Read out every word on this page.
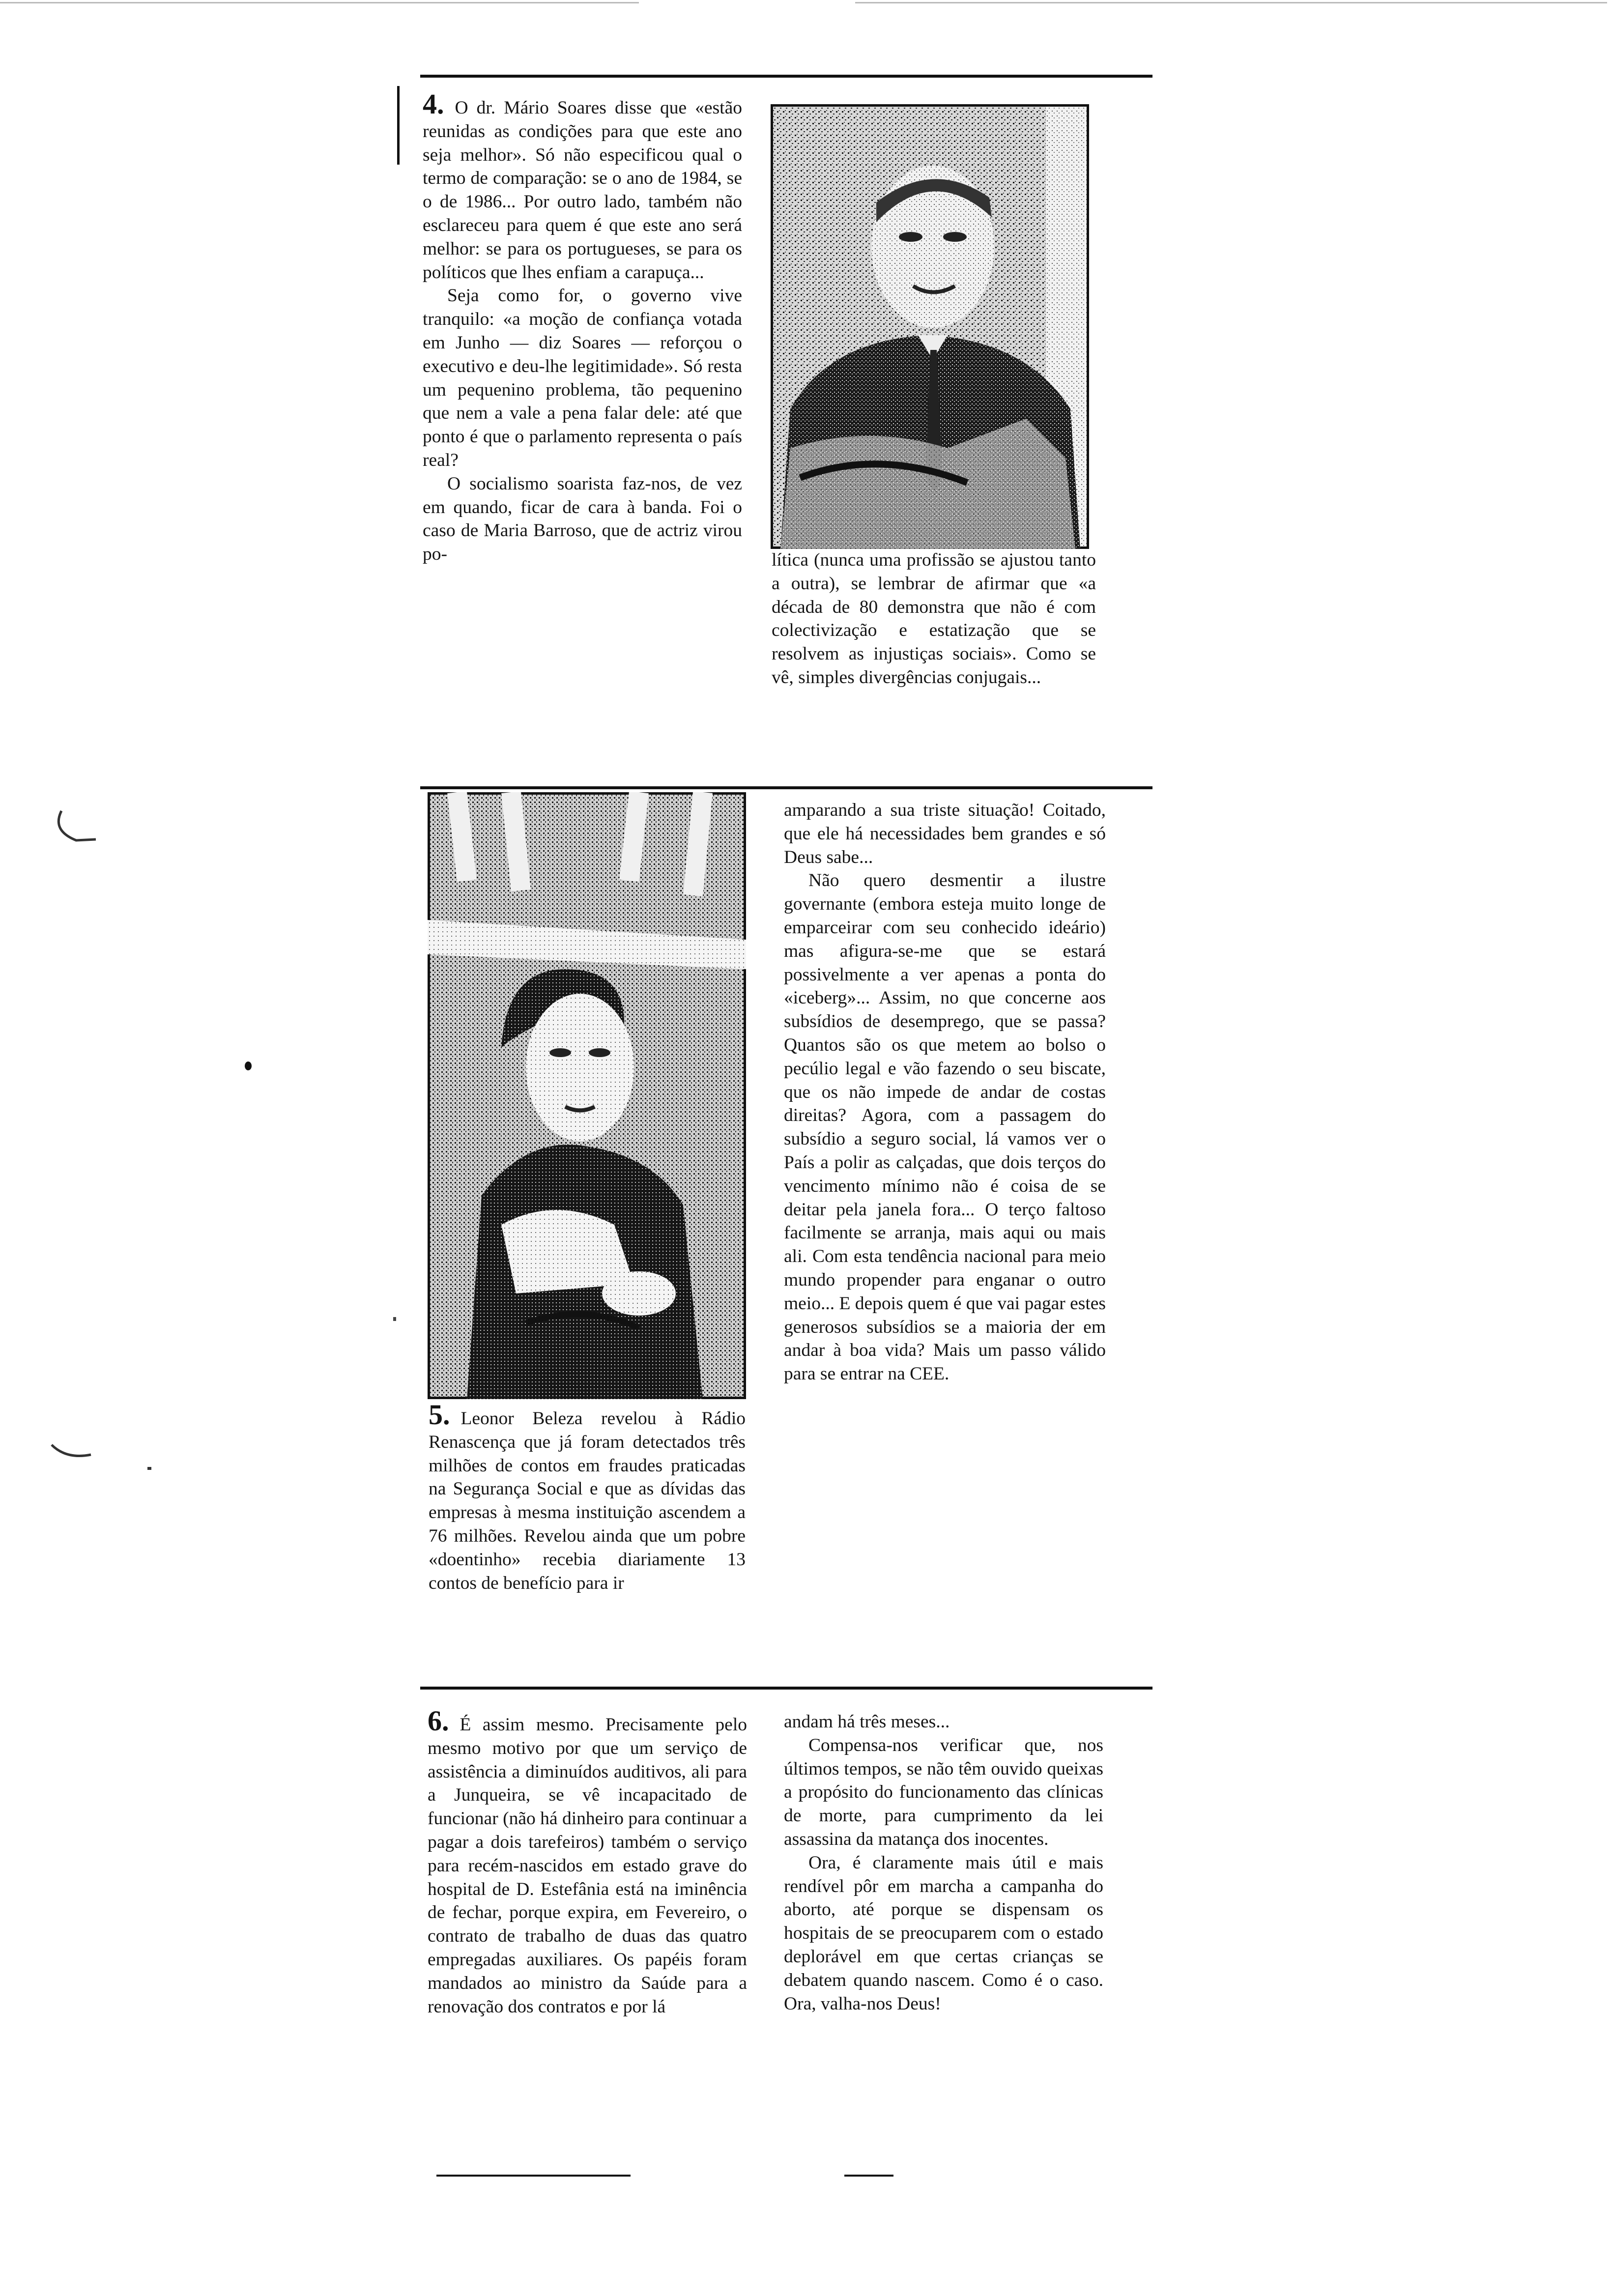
4. O dr. Mário Soares disse que «estão reunidas as condições para que este ano seja melhor». Só não especificou qual o termo de comparação: se o ano de 1984, se o de 1986... Por outro lado, também não esclareceu para quem é que este ano será melhor: se para os portugueses, se para os políticos que lhes enfiam a carapuça...

Seja como for, o governo vive tranquilo: «a moção de confiança votada em Junho — diz Soares — reforçou o executivo e deu-lhe legitimidade». Só resta um pequenino problema, tão pequenino que nem a vale a pena falar dele: até que ponto é que o parlamento representa o país real?

O socialismo soarista faz-nos, de vez em quando, ficar de cara à banda. Foi o caso de Maria Barroso, que de actriz virou po-	lítica (nunca uma profissão se ajustou tanto a outra), se lembrar de afirmar que «a década de 80 demonstra que não é com colectivização e estatização que se resolvem as injustiças sociais». Como se vê, simples divergências conjugais...

5. Leonor Beleza revelou à Rádio Renascença que já foram detectados três milhões de contos em fraudes praticadas na Segurança Social e que as dívidas das empresas à mesma instituição ascendem a 76 milhões. Revelou ainda que um pobre «doentinho» recebia diariamente 13 contos de benefício para ir

amparando a sua triste situação! Coitado, que ele há necessidades bem grandes e só Deus sabe...

Não quero desmentir a ilustre governante (embora esteja muito longe de emparceirar com seu conhecido ideário) mas afigura-se-me que se estará possivelmente a ver apenas a ponta do «iceberg»... Assim, no que concerne aos subsídios de desemprego, que se passa? Quantos são os que metem ao bolso o pecúlio legal e vão fazendo o seu biscate, que os não impede de andar de costas direitas? Agora, com a passagem do subsídio a seguro social, lá vamos ver o País a polir as calçadas, que dois terços do vencimento mínimo não é coisa de se deitar pela janela fora... O terço faltoso facilmente se arranja, mais aqui ou mais ali. Com esta tendência nacional para meio mundo propender para enganar o outro meio... E depois quem é que vai pagar estes generosos subsídios se a maioria der em andar à boa vida? Mais um passo válido para se entrar na CEE.

6. É assim mesmo. Precisamente pelo mesmo motivo por que um serviço de assistência a diminuídos auditivos, ali para a Junqueira, se vê incapacitado de funcionar (não há dinheiro para continuar a pagar a dois tarefeiros) também o serviço para recém-nascidos em estado grave do hospital de D. Estefânia está na iminência de fechar, porque expira, em Fevereiro, o contrato de trabalho de duas das quatro empregadas auxiliares. Os papéis foram mandados ao ministro da Saúde para a renovação dos contratos e por lá

andam há três meses...

Compensa-nos verificar que, nos últimos tempos, se não têm ouvido queixas a propósito do funcionamento das clínicas de morte, para cumprimento da lei assassina da matança dos inocentes.

Ora, é claramente mais útil e mais rendível pôr em marcha a campanha do aborto, até porque se dispensam os hospitais de se preocuparem com o estado deplorável em que certas crianças se debatem quando nascem. Como é o caso. Ora, valha-nos Deus!
